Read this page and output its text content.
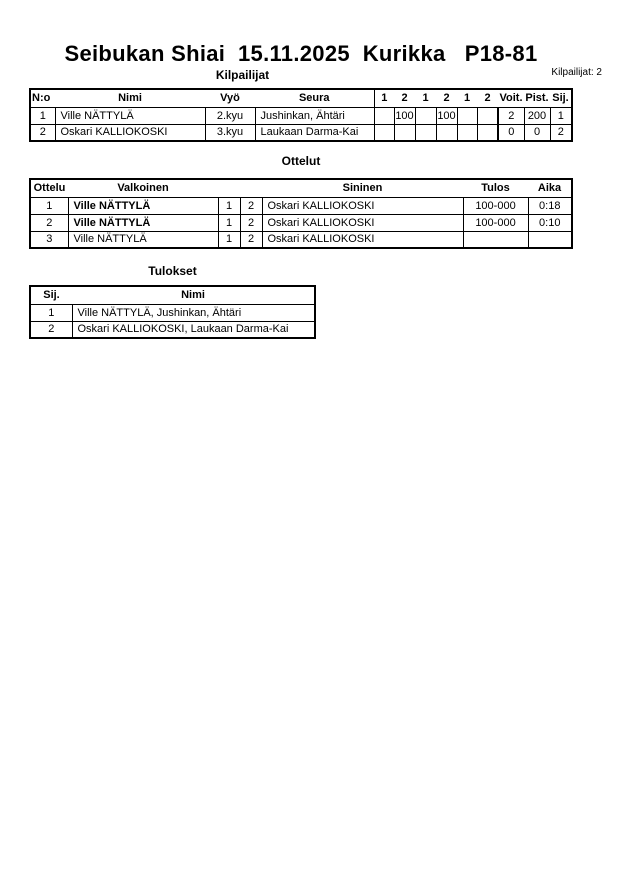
Seibukan Shiai  15.11.2025  Kurikka   P18-81
Kilpailijat	Kilpailijat: 2
N:o	Nimi	Vyö	Seura	1	2	1	2	1	2	Voit.	Pist.	Sij.
1	Ville NÄTTYLÄ	2.kyu	Jushinkan, Ähtäri		100		100			2	200	1
2	Oskari KALLIOKOSKI	3.kyu	Laukaan Darma-Kai							0	0	2
Ottelut
Ottelu	Valkoinen			Sininen	Tulos	Aika
1	Ville NÄTTYLÄ	1	2	Oskari KALLIOKOSKI	100-000	0:18
2	Ville NÄTTYLÄ	1	2	Oskari KALLIOKOSKI	100-000	0:10
3	Ville NÄTTYLÄ	1	2	Oskari KALLIOKOSKI		
Tulokset
Sij.	Nimi
1	Ville NÄTTYLÄ, Jushinkan, Ähtäri
2	Oskari KALLIOKOSKI, Laukaan Darma-Kai
